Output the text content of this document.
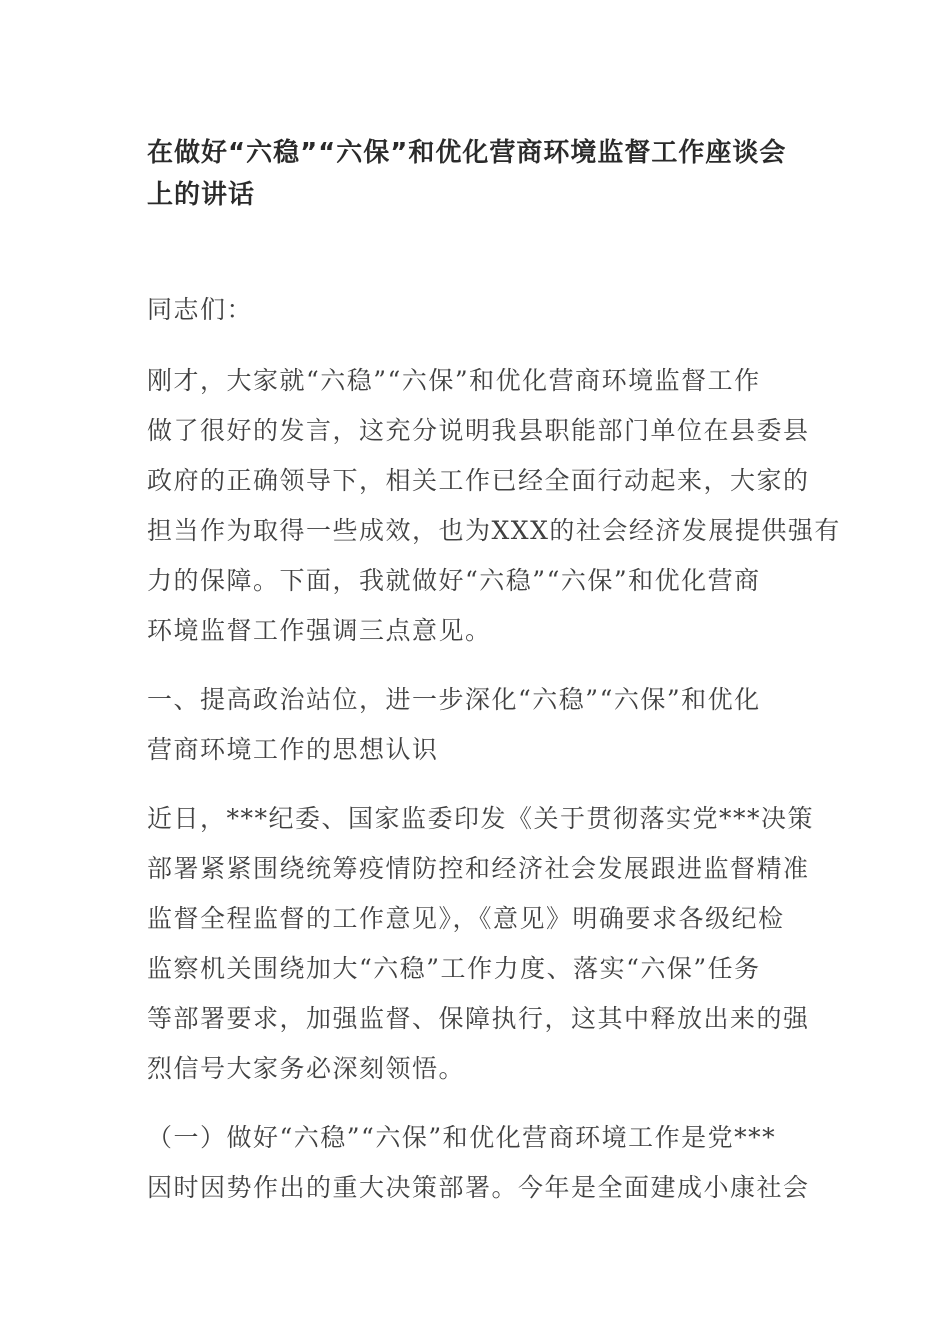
在做好“六稳”“六保”和优化营商环境监督工作座谈会
上的讲话

同志们：

刚才，大家就“六稳”“六保”和优化营商环境监督工作
做了很好的发言，这充分说明我县职能部门单位在县委县
政府的正确领导下，相关工作已经全面行动起来，大家的
担当作为取得一些成效，也为XXX的社会经济发展提供强有
力的保障。下面，我就做好“六稳”“六保”和优化营商
环境监督工作强调三点意见。

一、提高政治站位，进一步深化“六稳”“六保”和优化
营商环境工作的思想认识

近日，***纪委、国家监委印发《关于贯彻落实党***决策
部署紧紧围绕统筹疫情防控和经济社会发展跟进监督精准
监督全程监督的工作意见》，《意见》明确要求各级纪检
监察机关围绕加大“六稳”工作力度、落实“六保”任务
等部署要求，加强监督、保障执行，这其中释放出来的强
烈信号大家务必深刻领悟。

（一）做好“六稳”“六保”和优化营商环境工作是党***
因时因势作出的重大决策部署。今年是全面建成小康社会
